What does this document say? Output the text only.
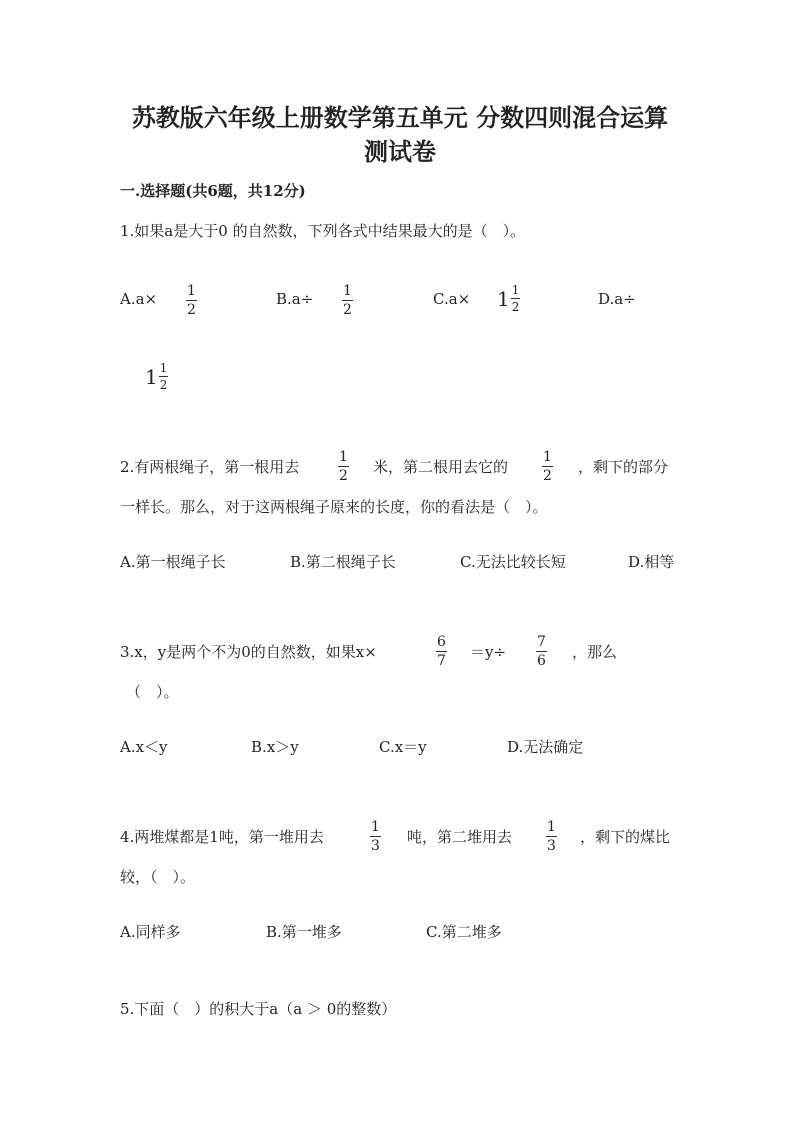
苏教版六年级上册数学第五单元 分数四则混合运算
测试卷
一.选择题(共6题，共12分)
1.如果a是大于0 的自然数，下列各式中结果最大的是（　）。
$A.a\times \frac{1}{2}$	$B.a\div \frac{1}{2}$	$C.a\times 1 \frac{1}{2}$	D.a÷
$1 \frac{1}{2}$
2.有两根绳子，第一根用去	$\frac{1}{2}$ 米，第二根用去它的 $\frac{1}{2}$ ，剩下的部分
一样长。那么，对于这两根绳子原来的长度，你的看法是（　）。
A.第一根绳子长	B.第二根绳子长	C.无法比较长短	D.相等
3.x，y是两个不为0的自然数，如果x×	$\frac{6}{7} =y\div \frac{7}{6}$ ，那么
（　）。
A.x＜y	B.x＞y	C.x＝y	D.无法确定
4.两堆煤都是1吨，第一堆用去	$\frac{1}{3}$ 吨，第二堆用去 $\frac{1}{3}$ ，剩下的煤比
较，（　）。
A.同样多	B.第一堆多	C.第二堆多
5.下面（　）的积大于a（a ＞ 0的整数）
